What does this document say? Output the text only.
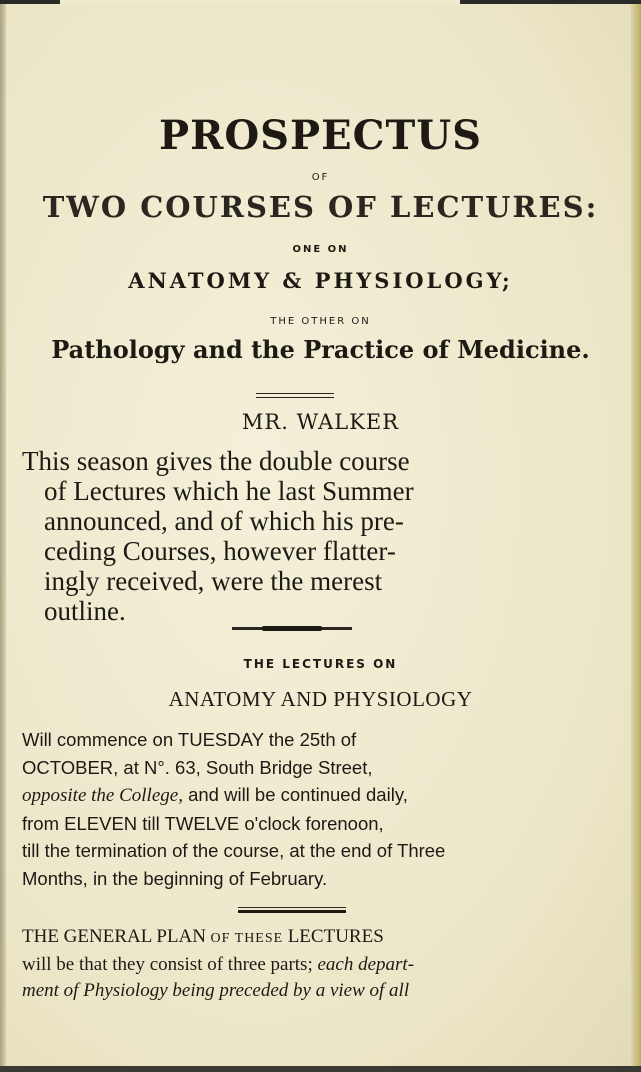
PROSPECTUS
OF
TWO COURSES OF LECTURES:
ONE ON
ANATOMY & PHYSIOLOGY;
THE OTHER ON
Pathology and the Practice of Medicine.
MR. WALKER
This season gives the double course
of Lectures which he last Summer
announced, and of which his pre-
ceding Courses, however flatter-
ingly received, were the merest
outline.
THE LECTURES ON
ANATOMY AND PHYSIOLOGY
Will commence on TUESDAY the 25th of
OCTOBER, at N°. 63, South Bridge Street,
opposite the College, and will be continued daily,
from ELEVEN till TWELVE o'clock forenoon,
till the termination of the course, at the end of Three
Months, in the beginning of February.
THE GENERAL PLAN OF THESE LECTURES
will be that they consist of three parts; each depart-
ment of Physiology being preceded by a view of all
